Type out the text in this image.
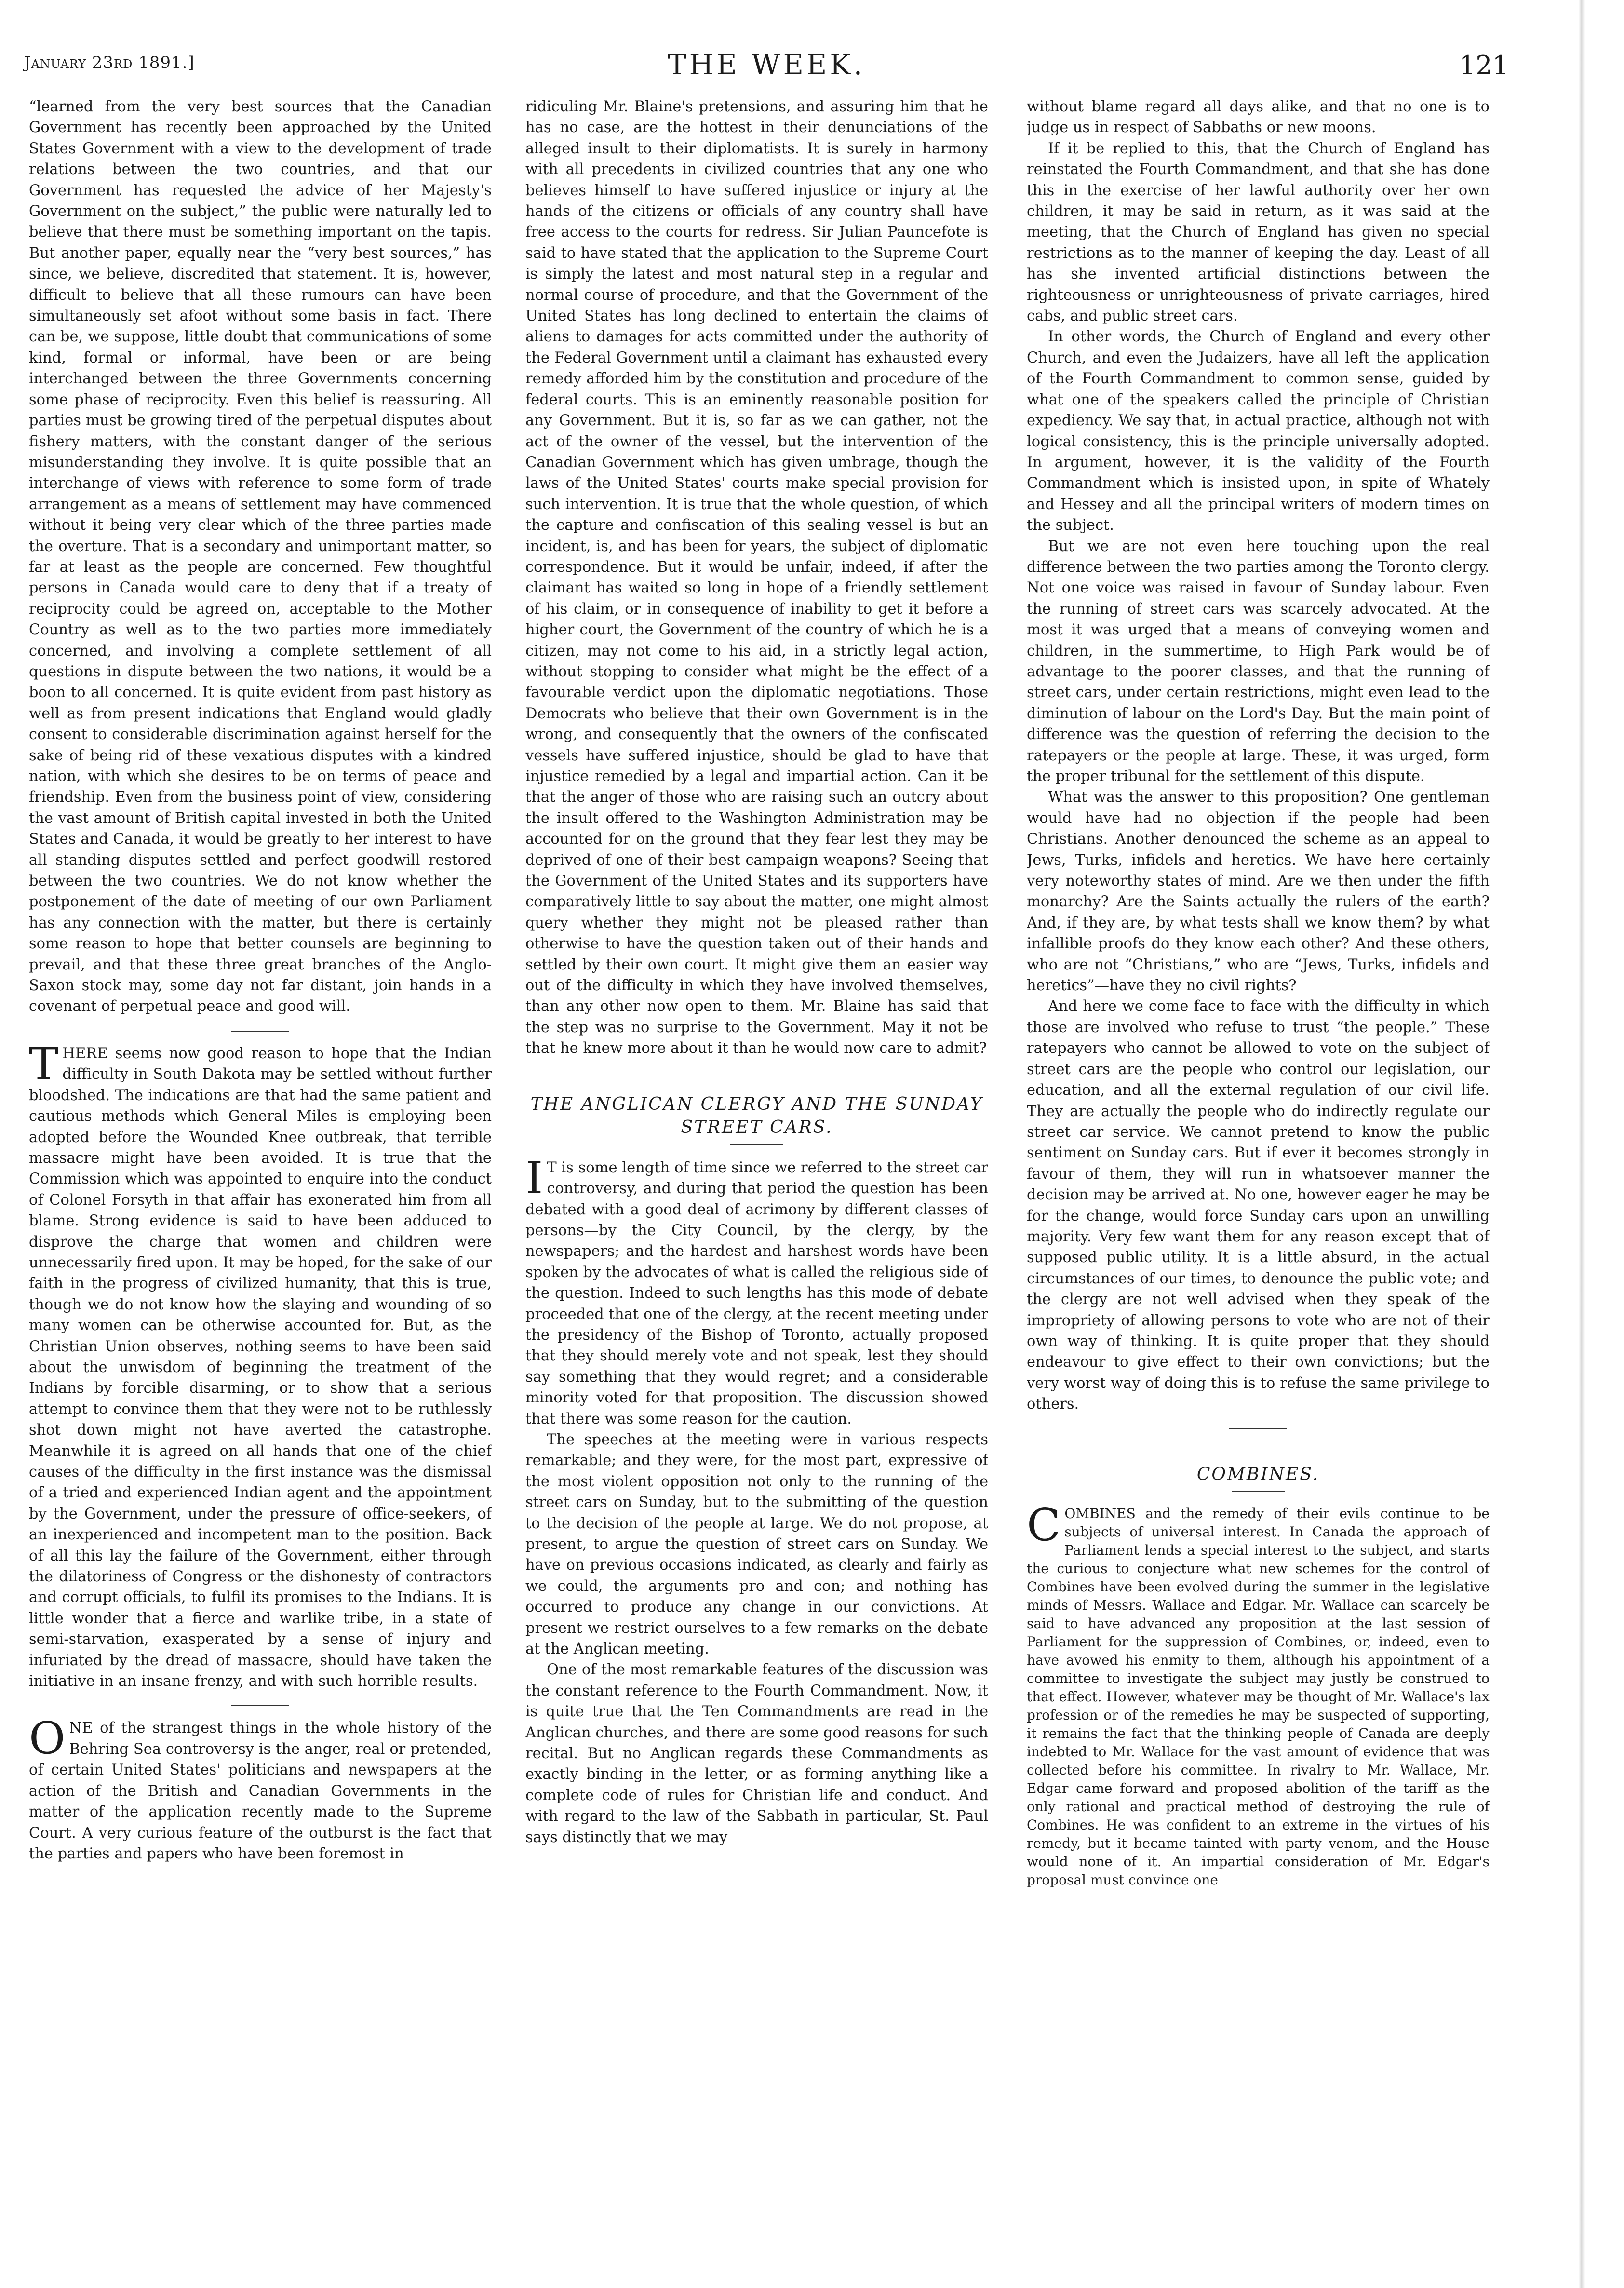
January 23rd 1891.]	THE WEEK.	121

“learned from the very best sources that the Canadian Government has recently been approached by the United States Government with a view to the development of trade relations between the two countries, and that our Government has requested the advice of her Majesty's Government on the subject,” the public were naturally led to believe that there must be something important on the tapis. But another paper, equally near the “very best sources,” has since, we believe, discredited that statement. It is, however, difficult to believe that all these rumours can have been simultaneously set afoot without some basis in fact. There can be, we suppose, little doubt that communications of some kind, formal or informal, have been or are being interchanged between the three Governments concerning some phase of reciprocity. Even this belief is reassuring. All parties must be growing tired of the perpetual disputes about fishery matters, with the constant danger of the serious misunderstanding they involve. It is quite possible that an interchange of views with reference to some form of trade arrangement as a means of settlement may have commenced without it being very clear which of the three parties made the overture. That is a secondary and unimportant matter, so far at least as the people are concerned. Few thoughtful persons in Canada would care to deny that if a treaty of reciprocity could be agreed on, acceptable to the Mother Country as well as to the two parties more immediately concerned, and involving a complete settlement of all questions in dispute between the two nations, it would be a boon to all concerned. It is quite evident from past history as well as from present indications that England would gladly consent to considerable discrimination against herself for the sake of being rid of these vexatious disputes with a kindred nation, with which she desires to be on terms of peace and friendship. Even from the business point of view, considering the vast amount of British capital invested in both the United States and Canada, it would be greatly to her interest to have all standing disputes settled and perfect goodwill restored between the two countries. We do not know whether the postponement of the date of meeting of our own Parliament has any connection with the matter, but there is certainly some reason to hope that better counsels are beginning to prevail, and that these three great branches of the Anglo-Saxon stock may, some day not far distant, join hands in a covenant of perpetual peace and good will.

THERE seems now good reason to hope that the Indian difficulty in South Dakota may be settled without further bloodshed. The indications are that had the same patient and cautious methods which General Miles is employing been adopted before the Wounded Knee outbreak, that terrible massacre might have been avoided. It is true that the Commission which was appointed to enquire into the conduct of Colonel Forsyth in that affair has exonerated him from all blame. Strong evidence is said to have been adduced to disprove the charge that women and children were unnecessarily fired upon. It may be hoped, for the sake of our faith in the progress of civilized humanity, that this is true, though we do not know how the slaying and wounding of so many women can be otherwise accounted for. But, as the Christian Union observes, nothing seems to have been said about the unwisdom of beginning the treatment of the Indians by forcible disarming, or to show that a serious attempt to convince them that they were not to be ruthlessly shot down might not have averted the catastrophe. Meanwhile it is agreed on all hands that one of the chief causes of the difficulty in the first instance was the dismissal of a tried and experienced Indian agent and the appointment by the Government, under the pressure of office-seekers, of an inexperienced and incompetent man to the position. Back of all this lay the failure of the Government, either through the dilatoriness of Congress or the dishonesty of contractors and corrupt officials, to fulfil its promises to the Indians. It is little wonder that a fierce and warlike tribe, in a state of semi-starvation, exasperated by a sense of injury and infuriated by the dread of massacre, should have taken the initiative in an insane frenzy, and with such horrible results.

ONE of the strangest things in the whole history of the Behring Sea controversy is the anger, real or pretended, of certain United States' politicians and newspapers at the action of the British and Canadian Governments in the matter of the application recently made to the Supreme Court. A very curious feature of the outburst is the fact that the parties and papers who have been foremost in

ridiculing Mr. Blaine's pretensions, and assuring him that he has no case, are the hottest in their denunciations of the alleged insult to their diplomatists. It is surely in harmony with all precedents in civilized countries that any one who believes himself to have suffered injustice or injury at the hands of the citizens or officials of any country shall have free access to the courts for redress. Sir Julian Pauncefote is said to have stated that the application to the Supreme Court is simply the latest and most natural step in a regular and normal course of procedure, and that the Government of the United States has long declined to entertain the claims of aliens to damages for acts committed under the authority of the Federal Government until a claimant has exhausted every remedy afforded him by the constitution and procedure of the federal courts. This is an eminently reasonable position for any Government. But it is, so far as we can gather, not the act of the owner of the vessel, but the intervention of the Canadian Government which has given umbrage, though the laws of the United States' courts make special provision for such intervention. It is true that the whole question, of which the capture and confiscation of this sealing vessel is but an incident, is, and has been for years, the subject of diplomatic correspondence. But it would be unfair, indeed, if after the claimant has waited so long in hope of a friendly settlement of his claim, or in consequence of inability to get it before a higher court, the Government of the country of which he is a citizen, may not come to his aid, in a strictly legal action, without stopping to consider what might be the effect of a favourable verdict upon the diplomatic negotiations. Those Democrats who believe that their own Government is in the wrong, and consequently that the owners of the confiscated vessels have suffered injustice, should be glad to have that injustice remedied by a legal and impartial action. Can it be that the anger of those who are raising such an outcry about the insult offered to the Washington Administration may be accounted for on the ground that they fear lest they may be deprived of one of their best campaign weapons? Seeing that the Government of the United States and its supporters have comparatively little to say about the matter, one might almost query whether they might not be pleased rather than otherwise to have the question taken out of their hands and settled by their own court. It might give them an easier way out of the difficulty in which they have involved themselves, than any other now open to them. Mr. Blaine has said that the step was no surprise to the Government. May it not be that he knew more about it than he would now care to admit?

THE ANGLICAN CLERGY AND THE SUNDAY STREET CARS.

I T is some length of time since we referred to the street car controversy, and during that period the question has been debated with a good deal of acrimony by different classes of persons—by the City Council, by the clergy, by the newspapers; and the hardest and harshest words have been spoken by the advocates of what is called the religious side of the question. Indeed to such lengths has this mode of debate proceeded that one of the clergy, at the recent meeting under the presidency of the Bishop of Toronto, actually proposed that they should merely vote and not speak, lest they should say something that they would regret; and a considerable minority voted for that proposition. The discussion showed that there was some reason for the caution.

The speeches at the meeting were in various respects remarkable; and they were, for the most part, expressive of the most violent opposition not only to the running of the street cars on Sunday, but to the submitting of the question to the decision of the people at large. We do not propose, at present, to argue the question of street cars on Sunday. We have on previous occasions indicated, as clearly and fairly as we could, the arguments pro and con; and nothing has occurred to produce any change in our convictions. At present we restrict ourselves to a few remarks on the debate at the Anglican meeting.

One of the most remarkable features of the discussion was the constant reference to the Fourth Commandment. Now, it is quite true that the Ten Commandments are read in the Anglican churches, and there are some good reasons for such recital. But no Anglican regards these Commandments as exactly binding in the letter, or as forming anything like a complete code of rules for Christian life and conduct. And with regard to the law of the Sabbath in particular, St. Paul says distinctly that we may

without blame regard all days alike, and that no one is to judge us in respect of Sabbaths or new moons.

If it be replied to this, that the Church of England has reinstated the Fourth Commandment, and that she has done this in the exercise of her lawful authority over her own children, it may be said in return, as it was said at the meeting, that the Church of England has given no special restrictions as to the manner of keeping the day. Least of all has she invented artificial distinctions between the righteousness or unrighteousness of private carriages, hired cabs, and public street cars.

In other words, the Church of England and every other Church, and even the Judaizers, have all left the application of the Fourth Commandment to common sense, guided by what one of the speakers called the principle of Christian expediency. We say that, in actual practice, although not with logical consistency, this is the principle universally adopted. In argument, however, it is the validity of the Fourth Commandment which is insisted upon, in spite of Whately and Hessey and all the principal writers of modern times on the subject.

But we are not even here touching upon the real difference between the two parties among the Toronto clergy. Not one voice was raised in favour of Sunday labour. Even the running of street cars was scarcely advocated. At the most it was urged that a means of conveying women and children, in the summertime, to High Park would be of advantage to the poorer classes, and that the running of street cars, under certain restrictions, might even lead to the diminution of labour on the Lord's Day. But the main point of difference was the question of referring the decision to the ratepayers or the people at large. These, it was urged, form the proper tribunal for the settlement of this dispute.

What was the answer to this proposition? One gentleman would have had no objection if the people had been Christians. Another denounced the scheme as an appeal to Jews, Turks, infidels and heretics. We have here certainly very noteworthy states of mind. Are we then under the fifth monarchy? Are the Saints actually the rulers of the earth? And, if they are, by what tests shall we know them? by what infallible proofs do they know each other? And these others, who are not “Christians,” who are “Jews, Turks, infidels and heretics”—have they no civil rights?

And here we come face to face with the difficulty in which those are involved who refuse to trust “the people.” These ratepayers who cannot be allowed to vote on the subject of street cars are the people who control our legislation, our education, and all the external regulation of our civil life. They are actually the people who do indirectly regulate our street car service. We cannot pretend to know the public sentiment on Sunday cars. But if ever it becomes strongly in favour of them, they will run in whatsoever manner the decision may be arrived at. No one, however eager he may be for the change, would force Sunday cars upon an unwilling majority. Very few want them for any reason except that of supposed public utility. It is a little absurd, in the actual circumstances of our times, to denounce the public vote; and the clergy are not well advised when they speak of the impropriety of allowing persons to vote who are not of their own way of thinking. It is quite proper that they should endeavour to give effect to their own convictions; but the very worst way of doing this is to refuse the same privilege to others.

COMBINES.

COMBINES and the remedy of their evils continue to be subjects of universal interest. In Canada the approach of Parliament lends a special interest to the subject, and starts the curious to conjecture what new schemes for the control of Combines have been evolved during the summer in the legislative minds of Messrs. Wallace and Edgar. Mr. Wallace can scarcely be said to have advanced any proposition at the last session of Parliament for the suppression of Combines, or, indeed, even to have avowed his enmity to them, although his appointment of a committee to investigate the subject may justly be construed to that effect. However, whatever may be thought of Mr. Wallace's lax profession or of the remedies he may be suspected of supporting, it remains the fact that the thinking people of Canada are deeply indebted to Mr. Wallace for the vast amount of evidence that was collected before his committee. In rivalry to Mr. Wallace, Mr. Edgar came forward and proposed abolition of the tariff as the only rational and practical method of destroying the rule of Combines. He was confident to an extreme in the virtues of his remedy, but it became tainted with party venom, and the House would none of it. An impartial consideration of Mr. Edgar's proposal must convince one
